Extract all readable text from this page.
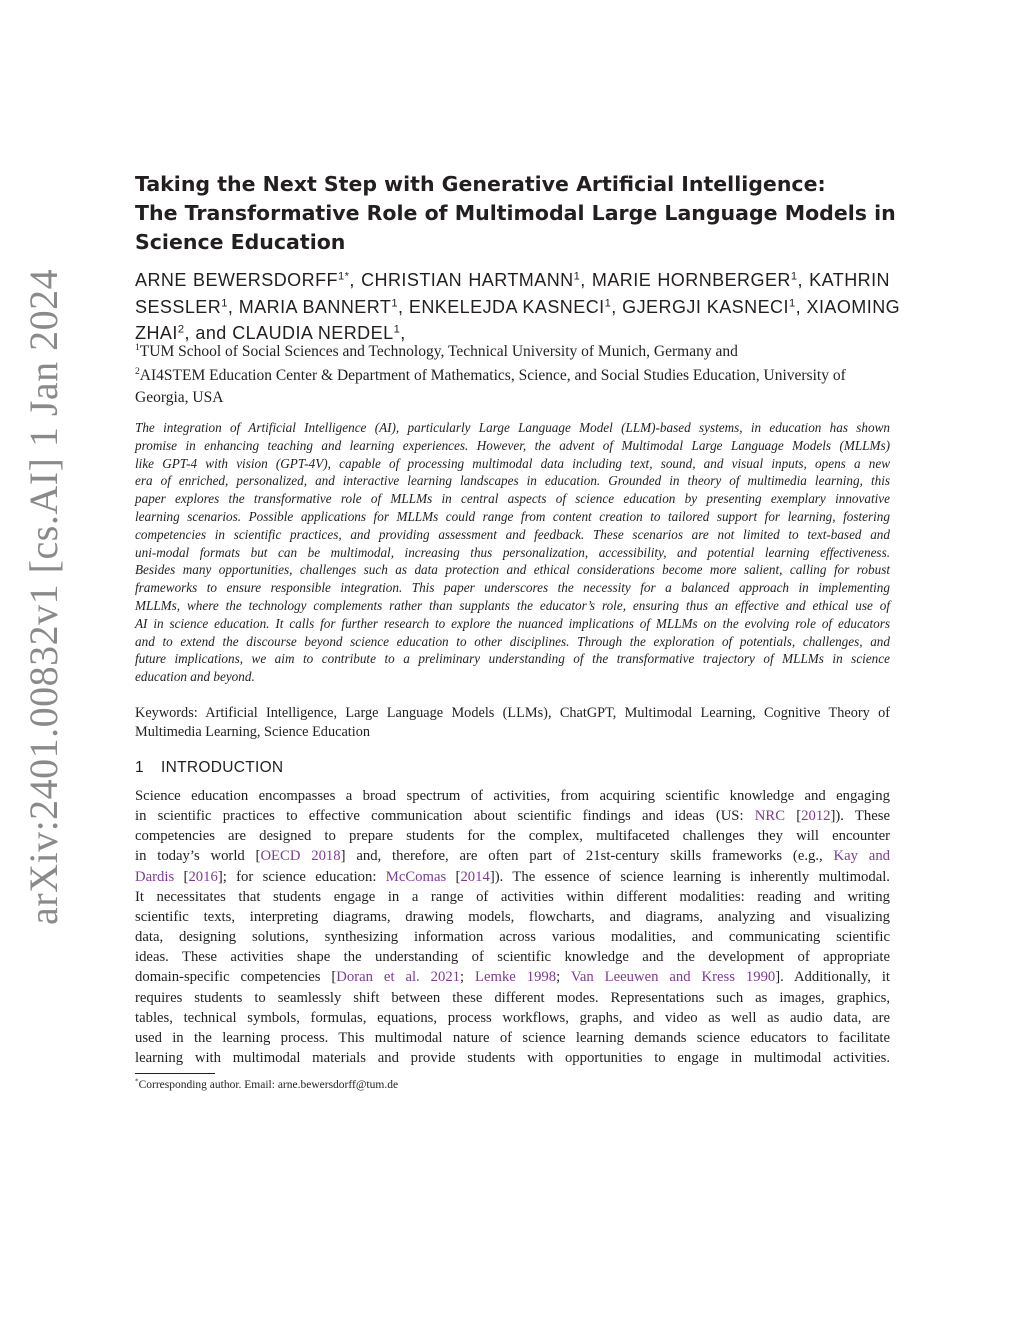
arXiv:2401.00832v1 [cs.AI] 1 Jan 2024
Taking the Next Step with Generative Artificial Intelligence:
The Transformative Role of Multimodal Large Language Models in
Science Education
ARNE $BEWERSDORFF^{1*}$, CHRISTIAN HARTMANN$^1$, MARIE HORNBERGER$^1$, KATHRIN
SESSLER$^1$, MARIA BANNERT$^1$, ENKELEJDA KASNECI$^1$, GJERGJI KASNECI$^1$, XIAOMING
ZHAI$^2$, and CLAUDIA NERDEL$^1$,
$^1$TUM School of Social Sciences and Technology, Technical University of Munich, Germany and
$^2$AI4STEM Education Center & Department of Mathematics, Science, and Social Studies Education, University of
Georgia, USA
The integration of Artificial Intelligence (AI), particularly Large Language Model (LLM)-based systems, in education has shown
promise in enhancing teaching and learning experiences. However, the advent of Multimodal Large Language Models (MLLMs)
like GPT-4 with vision (GPT-4V), capable of processing multimodal data including text, sound, and visual inputs, opens a new
era of enriched, personalized, and interactive learning landscapes in education. Grounded in theory of multimedia learning, this
paper explores the transformative role of MLLMs in central aspects of science education by presenting exemplary innovative
learning scenarios. Possible applications for MLLMs could range from content creation to tailored support for learning, fostering
competencies in scientific practices, and providing assessment and feedback. These scenarios are not limited to text-based and
uni-modal formats but can be multimodal, increasing thus personalization, accessibility, and potential learning effectiveness.
Besides many opportunities, challenges such as data protection and ethical considerations become more salient, calling for robust
frameworks to ensure responsible integration. This paper underscores the necessity for a balanced approach in implementing
MLLMs, where the technology complements rather than supplants the educator’s role, ensuring thus an effective and ethical use of
AI in science education. It calls for further research to explore the nuanced implications of MLLMs on the evolving role of educators
and to extend the discourse beyond science education to other disciplines. Through the exploration of potentials, challenges, and
future implications, we aim to contribute to a preliminary understanding of the transformative trajectory of MLLMs in science
education and beyond.
Keywords: Artificial Intelligence, Large Language Models (LLMs), ChatGPT, Multimodal Learning, Cognitive Theory of
Multimedia Learning, Science Education
1 INTRODUCTION
Science education encompasses a broad spectrum of activities, from acquiring scientific knowledge and engaging
in scientific practices to effective communication about scientific findings and ideas (US: NRC [2012]). These
competencies are designed to prepare students for the complex, multifaceted challenges they will encounter
in today’s world [OECD 2018] and, therefore, are often part of 21st-century skills frameworks (e.g., Kay and
Dardis [2016]; for science education: McComas [2014]). The essence of science learning is inherently multimodal.
It necessitates that students engage in a range of activities within different modalities: reading and writing
scientific texts, interpreting diagrams, drawing models, flowcharts, and diagrams, analyzing and visualizing
data, designing solutions, synthesizing information across various modalities, and communicating scientific
ideas. These activities shape the understanding of scientific knowledge and the development of appropriate
domain-specific competencies [Doran et al. 2021; Lemke 1998; Van Leeuwen and Kress 1990]. Additionally, it
requires students to seamlessly shift between these different modes. Representations such as images, graphics,
tables, technical symbols, formulas, equations, process workflows, graphs, and video as well as audio data, are
used in the learning process. This multimodal nature of science learning demands science educators to facilitate
learning with multimodal materials and provide students with opportunities to engage in multimodal activities.
*Corresponding author. Email: arne.bewersdorff@tum.de
